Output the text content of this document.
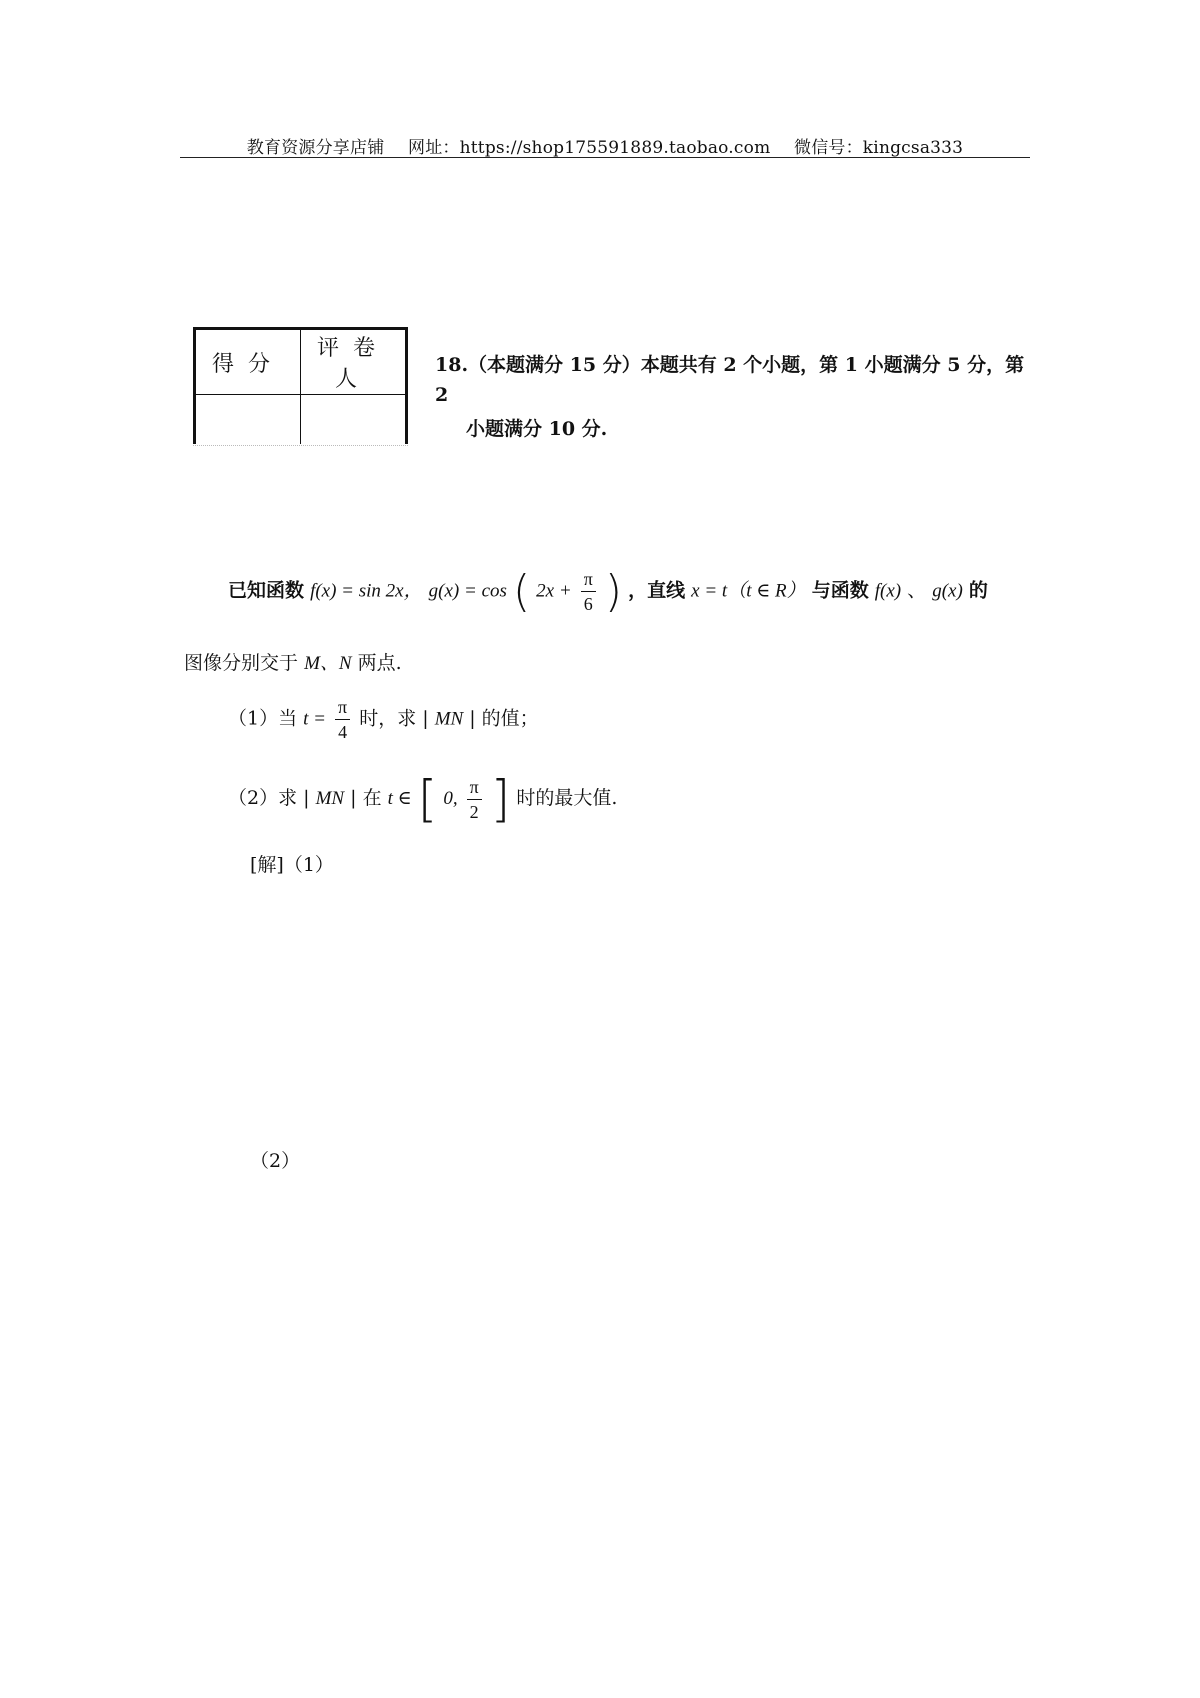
教育资源分享店铺 网址：https://shop175591889.taobao.com 微信号：kingcsa333
得分	评卷人

18.（本题满分 15 分）本题共有 2 个小题，第 1 小题满分 5 分，第 2
小题满分 10 分.
已知函数 f(x) = sin 2x， g(x) = cos ( $2x + \frac{\pi}{6}$ ) ，直线 x = t（t ∈ R） 与函数 f(x) 、 g(x) 的
图像分别交于 M、N 两点.
（1）当 $t = \frac{\pi}{4}$ 时，求 | MN | 的值；
（2）求 | MN | 在 t ∈ [ 0, $\frac{\pi}{2}$ ] 时的最大值.
[解]（1）
（2）
